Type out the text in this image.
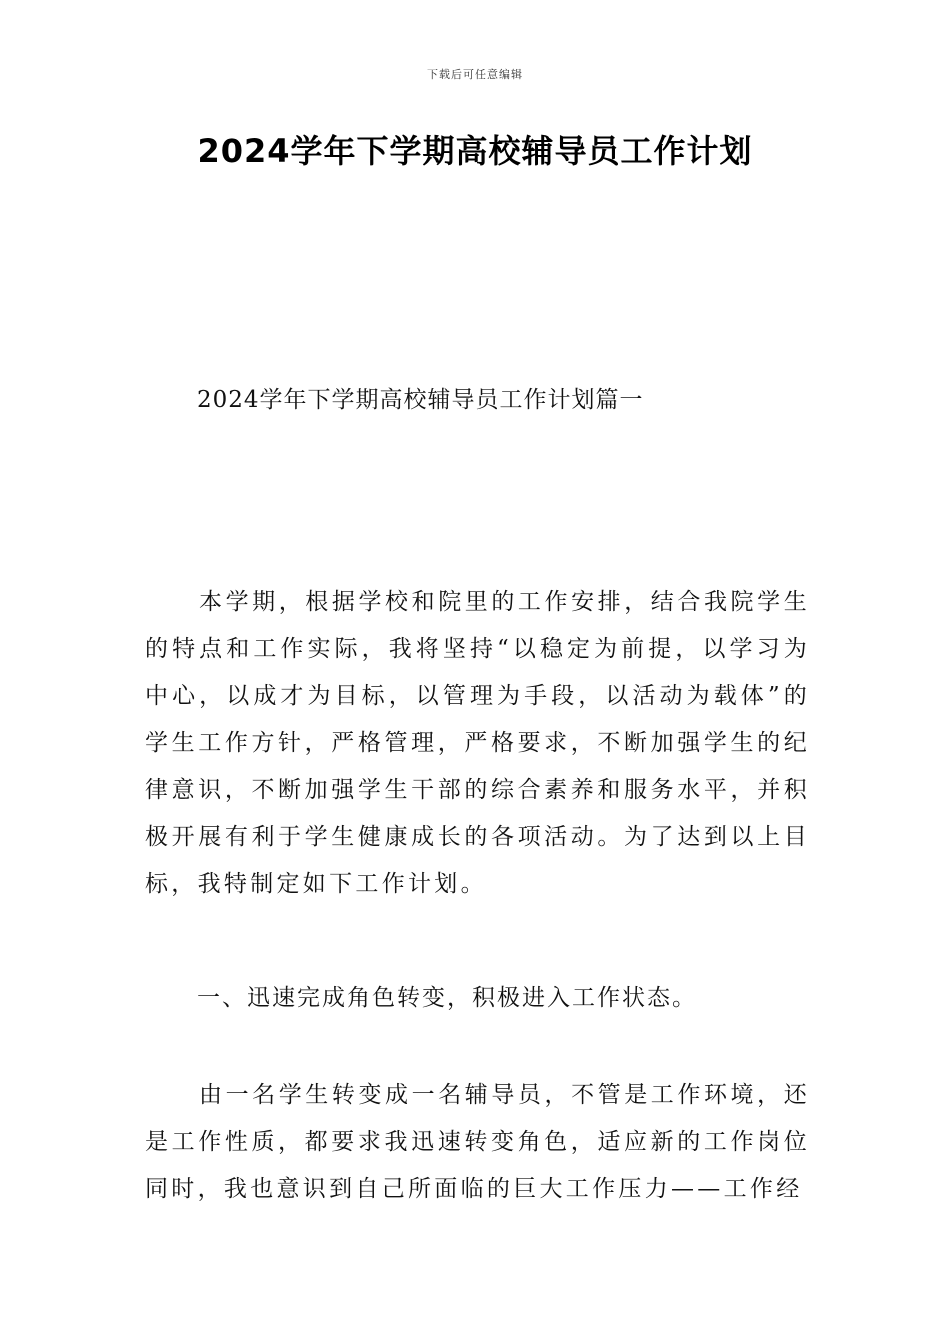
下载后可任意编辑
2024学年下学期高校辅导员工作计划
2024学年下学期高校辅导员工作计划篇一

本学期，根据学校和院里的工作安排，结合我院学生的特点和工作实际，我将坚持“以稳定为前提，以学习为中心，以成才为目标，以管理为手段，以活动为载体”的学生工作方针，严格管理，严格要求，不断加强学生的纪律意识，不断加强学生干部的综合素养和服务水平，并积极开展有利于学生健康成长的各项活动。为了达到以上目标，我特制定如下工作计划。

一、迅速完成角色转变，积极进入工作状态。

由一名学生转变成一名辅导员，不管是工作环境，还是工作性质，都要求我迅速转变角色，适应新的工作岗位同时，我也意识到自己所面临的巨大工作压力——工作经
